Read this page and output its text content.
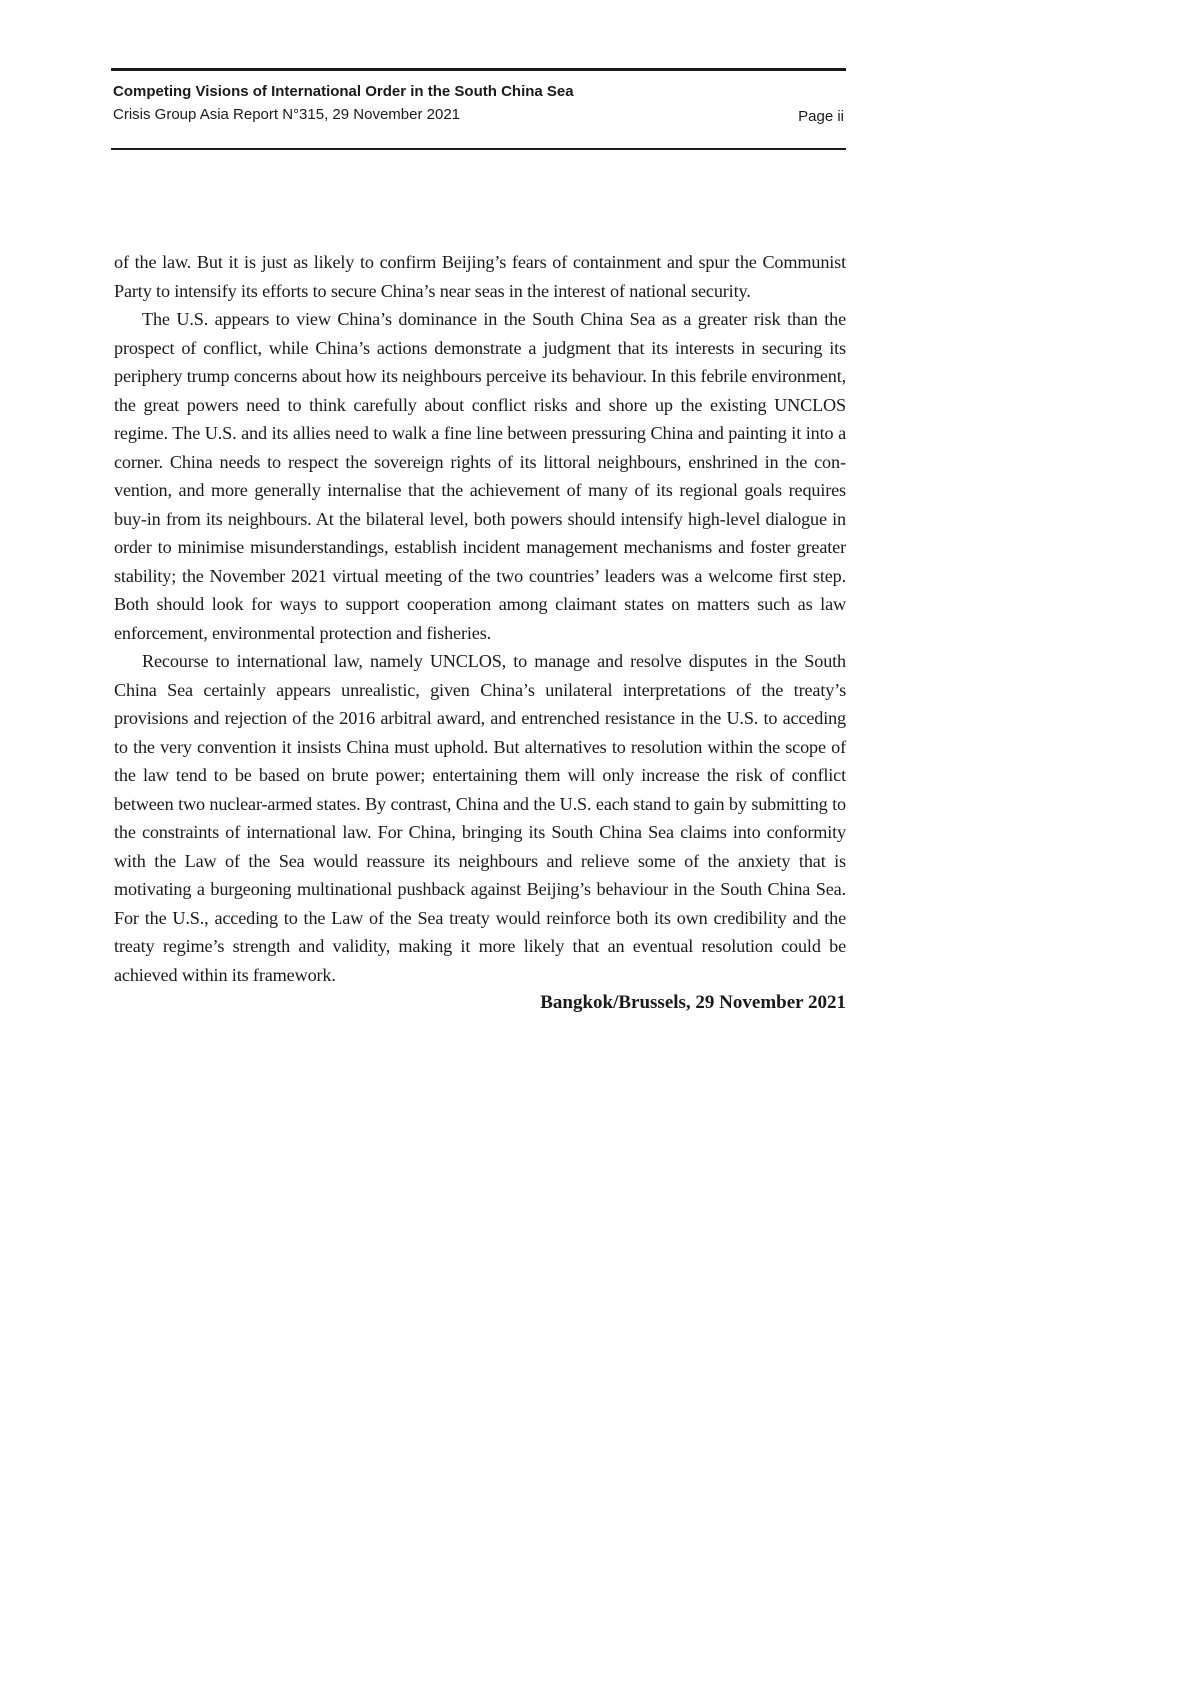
Competing Visions of International Order in the South China Sea
Crisis Group Asia Report N°315, 29 November 2021	Page ii

of the law. But it is just as likely to confirm Beijing’s fears of containment and spur the Communist Party to intensify its efforts to secure China’s near seas in the interest of national security.

The U.S. appears to view China’s dominance in the South China Sea as a greater risk than the prospect of conflict, while China’s actions demonstrate a judgment that its interests in securing its periphery trump concerns about how its neighbours perceive its behaviour. In this febrile environment, the great powers need to think carefully about conflict risks and shore up the existing UNCLOS regime. The U.S. and its allies need to walk a fine line between pressuring China and painting it into a corner. China needs to respect the sovereign rights of its littoral neighbours, enshrined in the convention, and more generally internalise that the achievement of many of its regional goals requires buy-in from its neighbours. At the bilateral level, both powers should intensify high-level dialogue in order to minimise misunderstandings, establish incident management mechanisms and foster greater stability; the November 2021 virtual meeting of the two countries’ leaders was a welcome first step. Both should look for ways to support cooperation among claimant states on matters such as law enforcement, environmental protection and fisheries.

Recourse to international law, namely UNCLOS, to manage and resolve disputes in the South China Sea certainly appears unrealistic, given China’s unilateral interpretations of the treaty’s provisions and rejection of the 2016 arbitral award, and entrenched resistance in the U.S. to acceding to the very convention it insists China must uphold. But alternatives to resolution within the scope of the law tend to be based on brute power; entertaining them will only increase the risk of conflict between two nuclear-armed states. By contrast, China and the U.S. each stand to gain by submitting to the constraints of international law. For China, bringing its South China Sea claims into conformity with the Law of the Sea would reassure its neighbours and relieve some of the anxiety that is motivating a burgeoning multinational pushback against Beijing’s behaviour in the South China Sea. For the U.S., acceding to the Law of the Sea treaty would reinforce both its own credibility and the treaty regime’s strength and validity, making it more likely that an eventual resolution could be achieved within its framework.

Bangkok/Brussels, 29 November 2021
